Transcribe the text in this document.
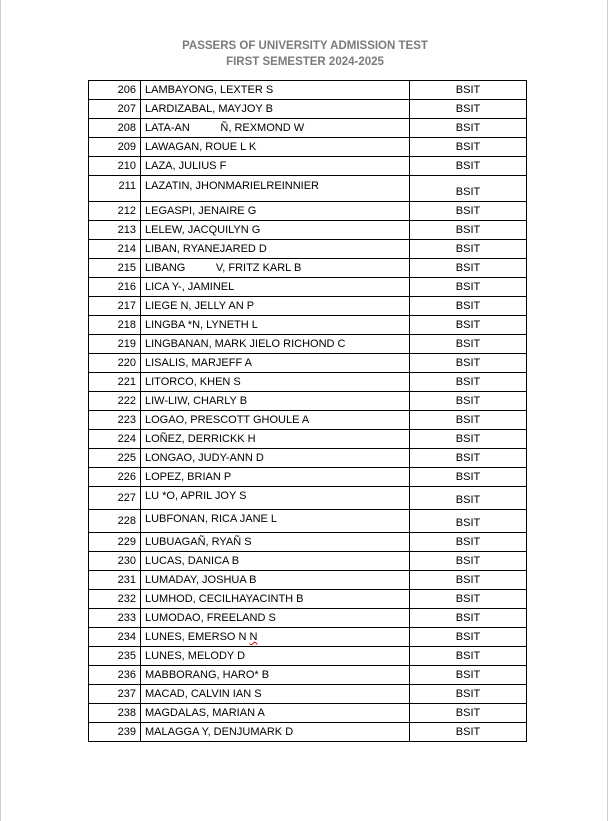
PASSERS OF UNIVERSITY ADMISSION TEST
FIRST SEMESTER 2024-2025
206	LAMBAYONG, LEXTER S	BSIT
207	LARDIZABAL, MAYJOY B	BSIT
208	LATA-AN          Ñ, REXMOND W	BSIT
209	LAWAGAN, ROUE L K	BSIT
210	LAZA, JULIUS F	BSIT
211	LAZATIN, JHONMARIELREINNIER	BSIT
212	LEGASPI, JENAIRE G	BSIT
213	LELEW, JACQUILYN G	BSIT
214	LIBAN, RYANEJARED D	BSIT
215	LIBANG          V, FRITZ KARL B	BSIT
216	LICA Y-, JAMINEL	BSIT
217	LIEGE N, JELLY AN P	BSIT
218	LINGBA *N, LYNETH L	BSIT
219	LINGBANAN, MARK JIELO RICHOND C	BSIT
220	LISALIS, MARJEFF A	BSIT
221	LITORCO, KHEN S	BSIT
222	LIW-LIW, CHARLY B	BSIT
223	LOGAO, PRESCOTT GHOULE A	BSIT
224	LOÑEZ, DERRICKK H	BSIT
225	LONGAO, JUDY-ANN D	BSIT
226	LOPEZ, BRIAN P	BSIT
227	LU *O, APRIL JOY S	BSIT
228	LUBFONAN, RICA JANE L	BSIT
229	LUBUAGAÑ, RYAÑ S	BSIT
230	LUCAS, DANICA B	BSIT
231	LUMADAY, JOSHUA B	BSIT
232	LUMHOD, CECILHAYACINTH B	BSIT
233	LUMODAO, FREELAND S	BSIT
234	LUNES, EMERSO N N	BSIT
235	LUNES, MELODY D	BSIT
236	MABBORANG, HARO* B	BSIT
237	MACAD, CALVIN IAN S	BSIT
238	MAGDALAS, MARIAN A	BSIT
239	MALAGGA Y, DENJUMARK D	BSIT
